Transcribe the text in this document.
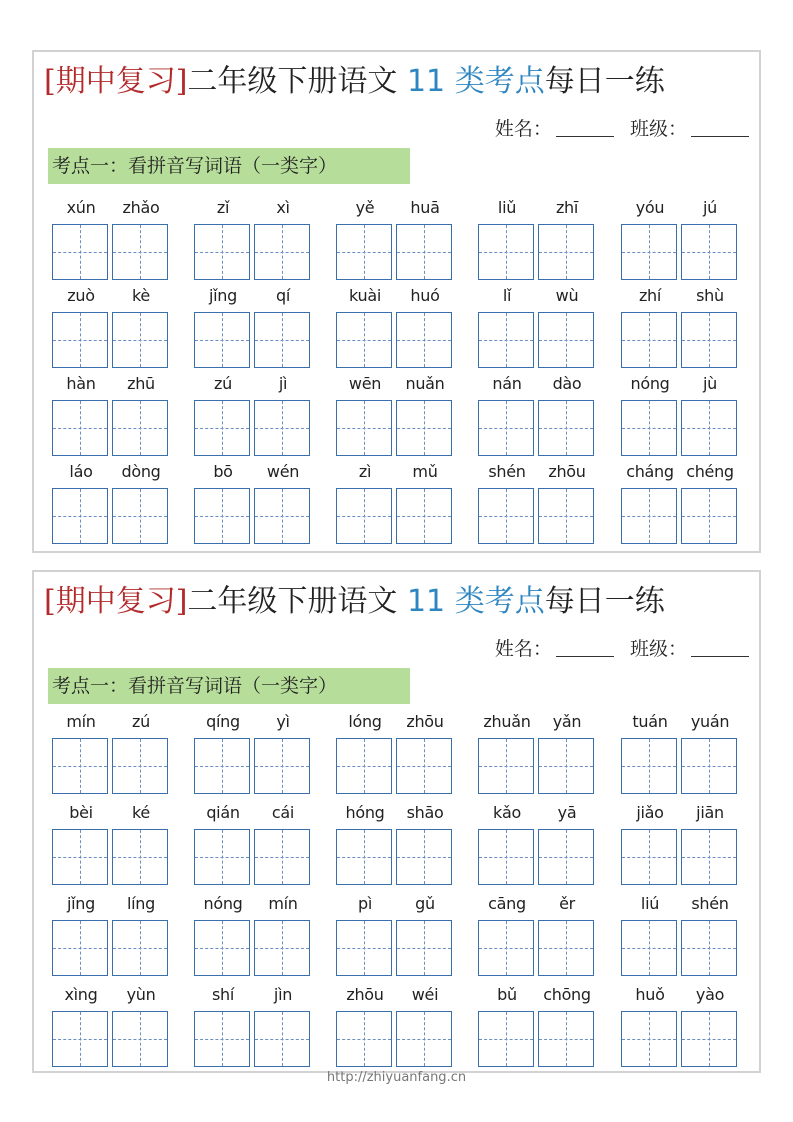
[期中复习]二年级下册语文 11 类考点每日一练
姓名：	班级：
考点一：看拼音写词语（一类字）
xún	zhǎo	zǐ	xì	yě	huā	liǔ	zhī	yóu	jú
zuò	kè	jǐng	qí	kuài	huó	lǐ	wù	zhí	shù
hàn	zhū	zú	jì	wēn	nuǎn	nán	dào	nóng	jù
láo	dòng	bō	wén	zì	mǔ	shén	zhōu	cháng chéng
[期中复习]二年级下册语文 11 类考点每日一练
姓名：	班级：
考点一：看拼音写词语（一类字）
mín	zú	qíng	yì	lóng	zhōu	zhuǎn	yǎn	tuán	yuán
bèi	ké	qián	cái	hóng	shāo	kǎo	yā	jiǎo	jiān
jǐng	líng	nóng	mín	pì	gǔ	cāng	ěr	liú	shén
xìng	yùn	shí	jìn	zhōu	wéi	bǔ	chōng	huǒ	yào
http://zhiyuanfang.cn
